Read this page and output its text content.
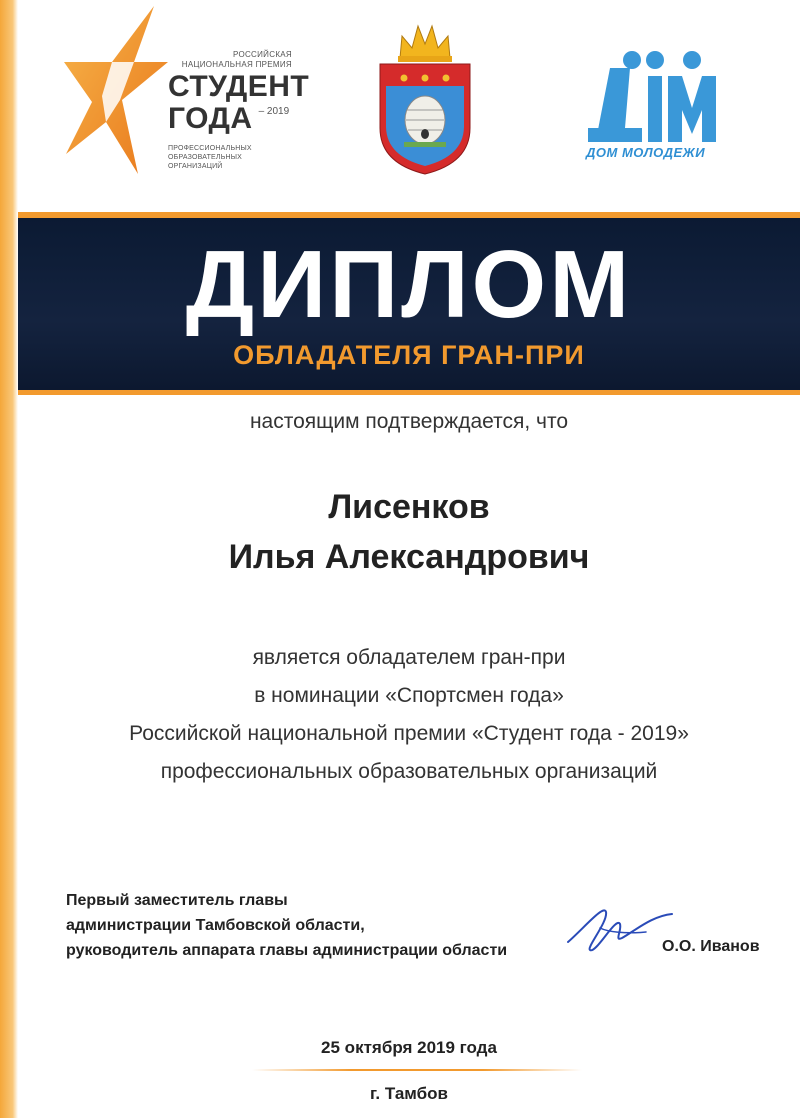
РОССИЙСКАЯ
НАЦИОНАЛЬНАЯ ПРЕМИЯ
СТУДЕНТ
ГОДА – 2019
ПРОФЕССИОНАЛЬНЫХ
ОБРАЗОВАТЕЛЬНЫХ
ОРГАНИЗАЦИЙ
ДОМ МОЛОДЕЖИ
ДИПЛОМ
ОБЛАДАТЕЛЯ ГРАН-ПРИ
настоящим подтверждается, что
Лисенков
Илья Александрович
является обладателем гран-при
в номинации «Спортсмен года»
Российской национальной премии «Студент года - 2019»
профессиональных образовательных организаций
Первый заместитель главы
администрации Тамбовской области,
руководитель аппарата главы администрации области	О.О. Иванов
25 октября 2019 года
г. Тамбов
